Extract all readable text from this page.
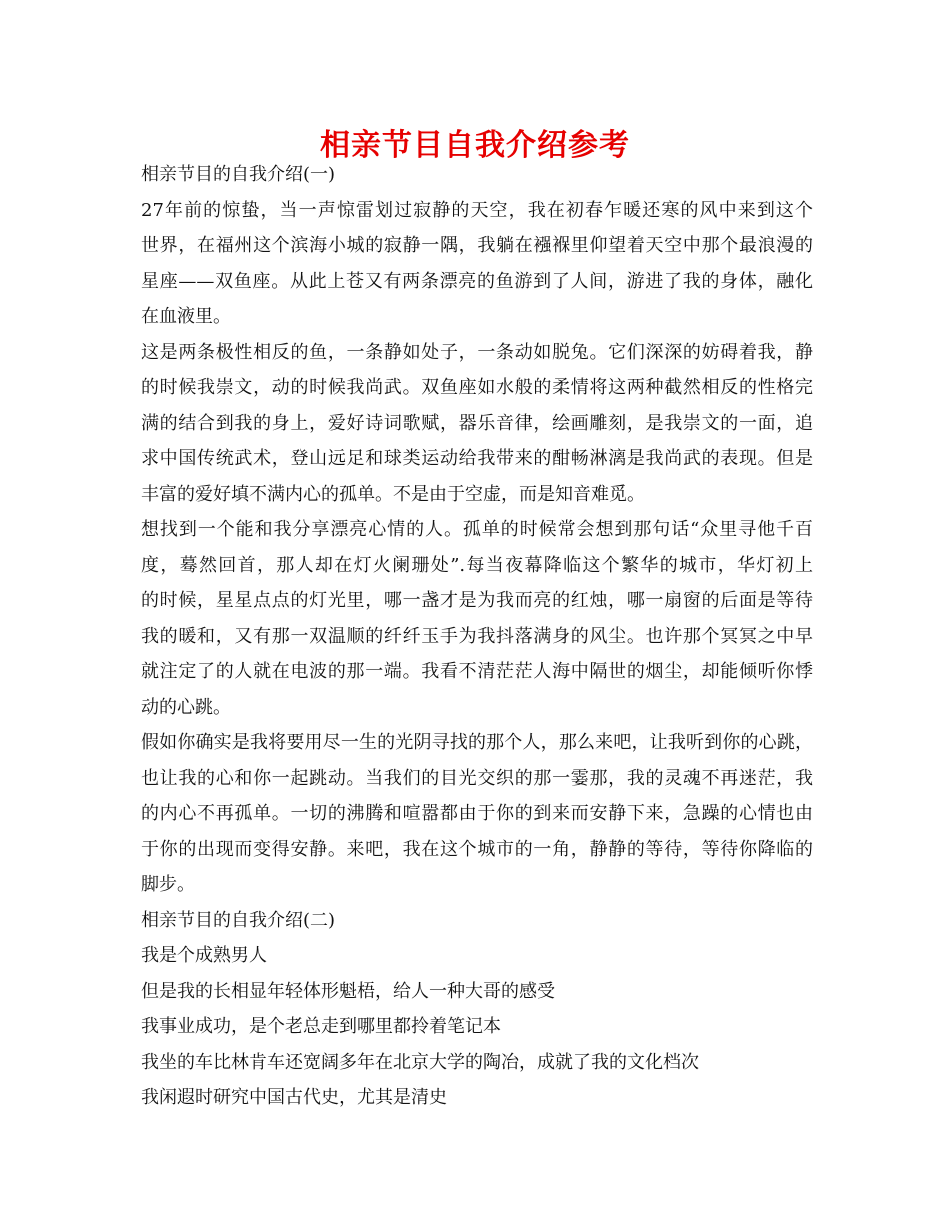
相亲节目自我介绍参考
相亲节目的自我介绍(一)
27年前的惊蛰，当一声惊雷划过寂静的天空，我在初春乍暖还寒的风中来到这个
世界，在福州这个滨海小城的寂静一隅，我躺在襁褓里仰望着天空中那个最浪漫的
星座——双鱼座。从此上苍又有两条漂亮的鱼游到了人间，游进了我的身体，融化
在血液里。
这是两条极性相反的鱼，一条静如处子，一条动如脱兔。它们深深的妨碍着我，静
的时候我崇文，动的时候我尚武。双鱼座如水般的柔情将这两种截然相反的性格完
满的结合到我的身上，爱好诗词歌赋，器乐音律，绘画雕刻，是我崇文的一面，追
求中国传统武术，登山远足和球类运动给我带来的酣畅淋漓是我尚武的表现。但是
丰富的爱好填不满内心的孤单。不是由于空虚，而是知音难觅。
想找到一个能和我分享漂亮心情的人。孤单的时候常会想到那句话“众里寻他千百
度，蓦然回首，那人却在灯火阑珊处”.每当夜幕降临这个繁华的城市，华灯初上
的时候，星星点点的灯光里，哪一盏才是为我而亮的红烛，哪一扇窗的后面是等待
我的暖和，又有那一双温顺的纤纤玉手为我抖落满身的风尘。也许那个冥冥之中早
就注定了的人就在电波的那一端。我看不清茫茫人海中隔世的烟尘，却能倾听你悸
动的心跳。
假如你确实是我将要用尽一生的光阴寻找的那个人，那么来吧，让我听到你的心跳，
也让我的心和你一起跳动。当我们的目光交织的那一霎那，我的灵魂不再迷茫，我
的内心不再孤单。一切的沸腾和喧嚣都由于你的到来而安静下来，急躁的心情也由
于你的出现而变得安静。来吧，我在这个城市的一角，静静的等待，等待你降临的
脚步。
相亲节目的自我介绍(二)
我是个成熟男人
但是我的长相显年轻体形魁梧，给人一种大哥的感受
我事业成功，是个老总走到哪里都拎着笔记本
我坐的车比林肯车还宽阔多年在北京大学的陶冶，成就了我的文化档次
我闲遐时研究中国古代史，尤其是清史
